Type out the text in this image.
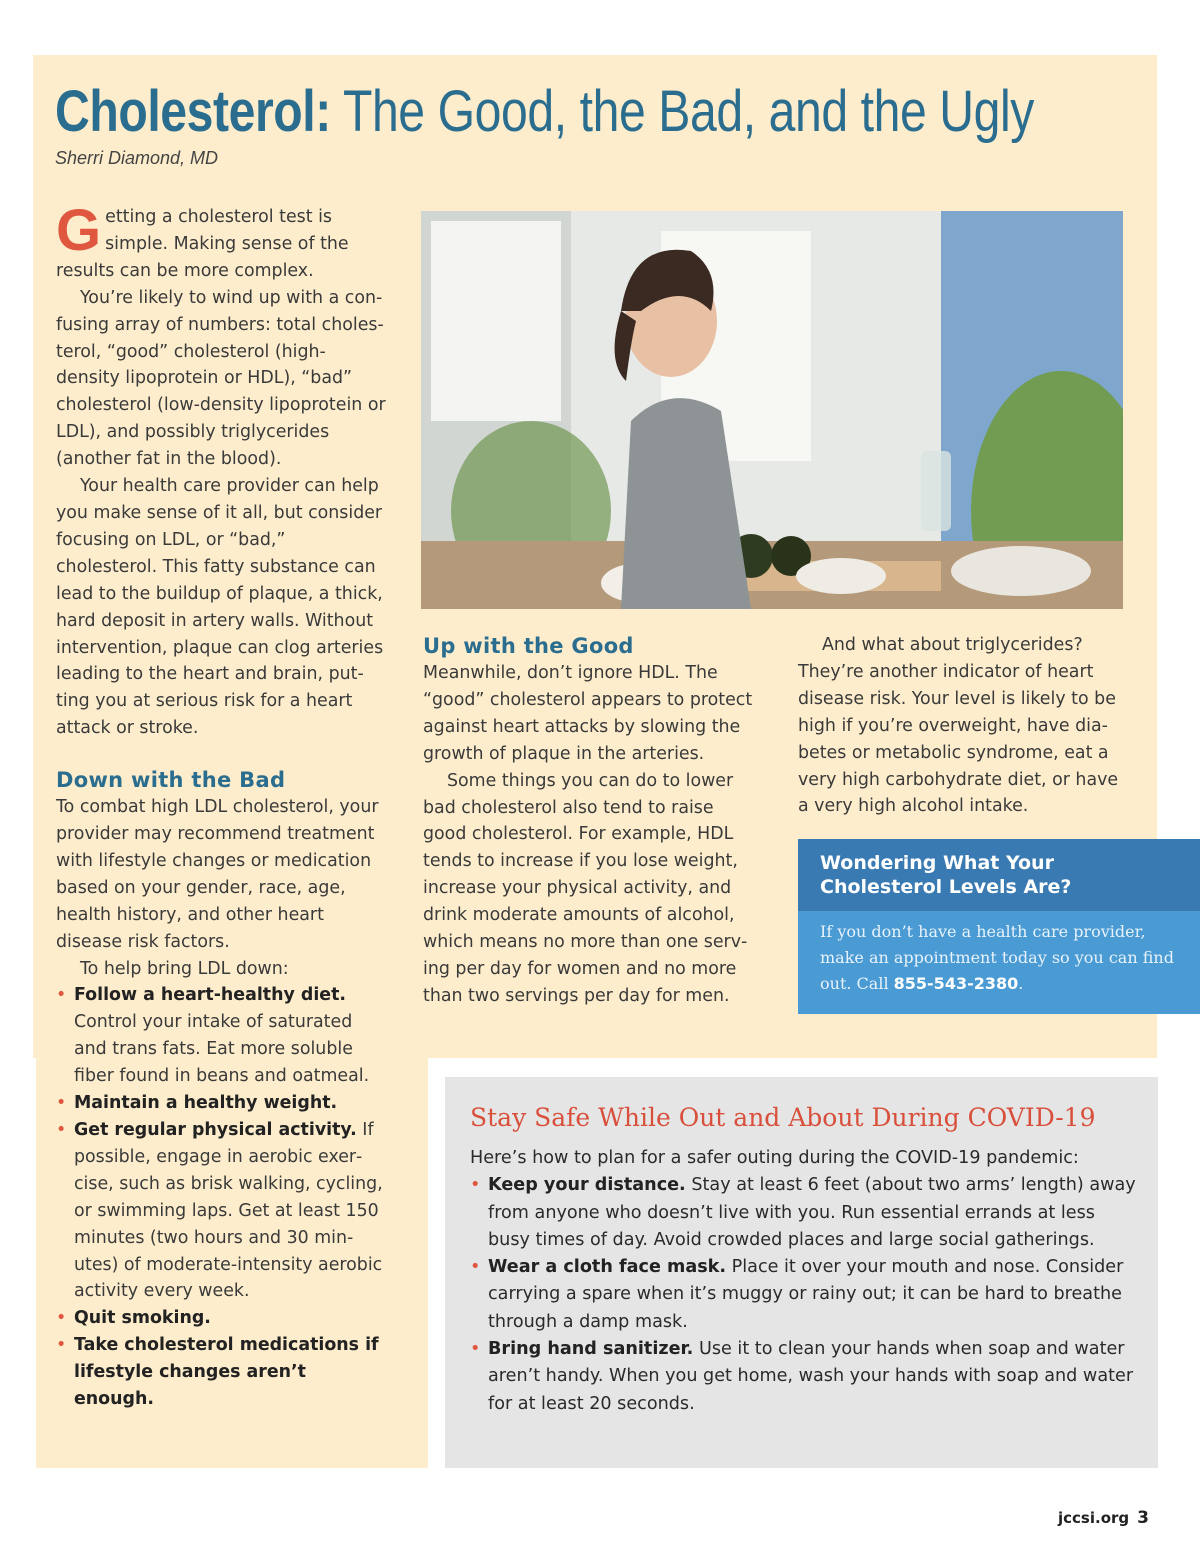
Cholesterol: The Good, the Bad, and the Ugly
Sherri Diamond, MD

Getting a cholesterol test is simple. Making sense of the results can be more complex.

You’re likely to wind up with a confusing array of numbers: total cholesterol, “good” cholesterol (high-density lipoprotein or HDL), “bad” cholesterol (low-density lipoprotein or LDL), and possibly triglycerides (another fat in the blood).

Your health care provider can help you make sense of it all, but consider focusing on LDL, or “bad,” cholesterol. This fatty substance can lead to the buildup of plaque, a thick, hard deposit in artery walls. Without intervention, plaque can clog arteries leading to the heart and brain, putting you at serious risk for a heart attack or stroke.

Down with the Bad

To combat high LDL cholesterol, your provider may recommend treatment with lifestyle changes or medication based on your gender, race, age, health history, and other heart disease risk factors.

To help bring LDL down:

• Follow a heart-healthy diet. Control your intake of saturated and trans fats. Eat more soluble fiber found in beans and oatmeal.
• Maintain a healthy weight.
• Get regular physical activity. If possible, engage in aerobic exercise, such as brisk walking, cycling, or swimming laps. Get at least 150 minutes (two hours and 30 minutes) of moderate-intensity aerobic activity every week.
• Quit smoking.
• Take cholesterol medications if lifestyle changes aren’t enough.
Up with the Good

Meanwhile, don’t ignore HDL. The “good” cholesterol appears to protect against heart attacks by slowing the growth of plaque in the arteries.

Some things you can do to lower bad cholesterol also tend to raise good cholesterol. For example, HDL tends to increase if you lose weight, increase your physical activity, and drink moderate amounts of alcohol, which means no more than one serving per day for women and no more than two servings per day for men.

And what about triglycerides? They’re another indicator of heart disease risk. Your level is likely to be high if you’re overweight, have diabetes or metabolic syndrome, eat a very high carbohydrate diet, or have a very high alcohol intake.

Wondering What Your Cholesterol Levels Are?
If you don’t have a health care provider, make an appointment today so you can find out. Call 855-543-2380.
Stay Safe While Out and About During COVID-19

Here’s how to plan for a safer outing during the COVID-19 pandemic:

• Keep your distance. Stay at least 6 feet (about two arms’ length) away from anyone who doesn’t live with you. Run essential errands at less busy times of day. Avoid crowded places and large social gatherings.
• Wear a cloth face mask. Place it over your mouth and nose. Consider carrying a spare when it’s muggy or rainy out; it can be hard to breathe through a damp mask.
• Bring hand sanitizer. Use it to clean your hands when soap and water aren’t handy. When you get home, wash your hands with soap and water for at least 20 seconds.
jccsi.org 3
